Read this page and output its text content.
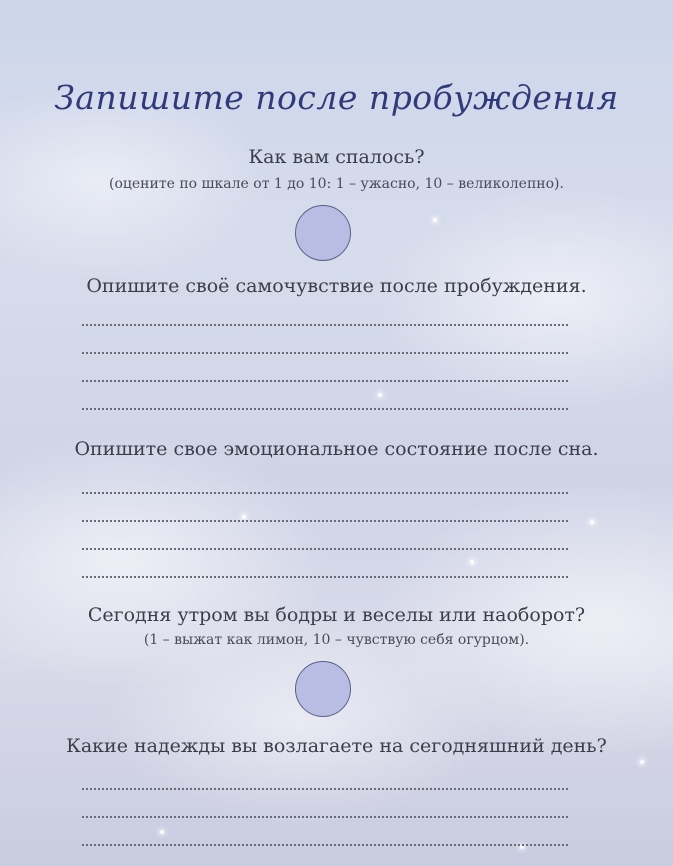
Запишите после пробуждения
Как вам спалось?
(оцените по шкале от 1 до 10: 1 – ужасно, 10 – великолепно).
Опишите своё самочувствие после пробуждения.
Опишите свое эмоциональное состояние после сна.
Сегодня утром вы бодры и веселы или наоборот?
(1 – выжат как лимон, 10 – чувствую себя огурцом).
Какие надежды вы возлагаете на сегодняшний день?
